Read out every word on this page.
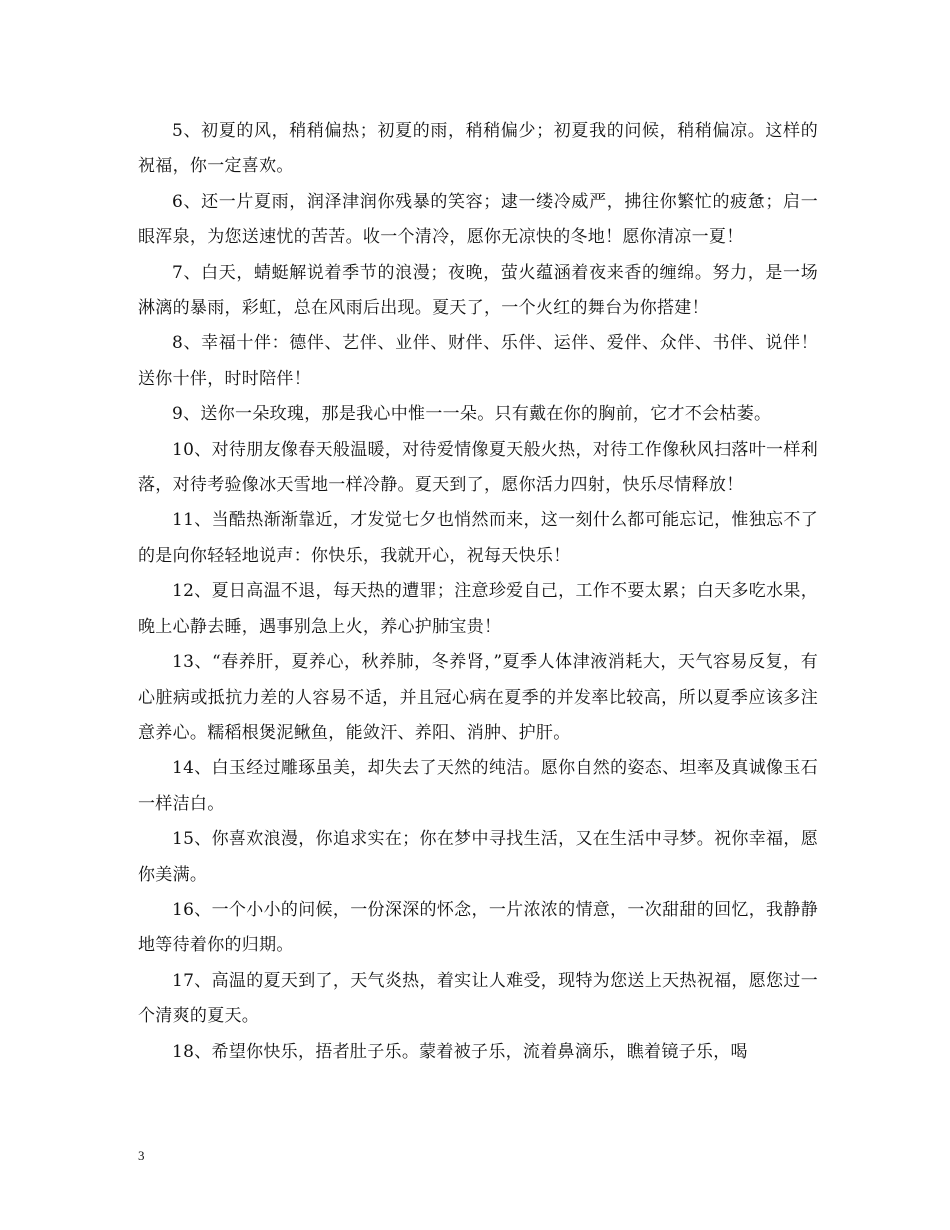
5、初夏的风，稍稍偏热；初夏的雨，稍稍偏少；初夏我的问候，稍稍偏凉。这样的祝福，你一定喜欢。

6、还一片夏雨，润泽津润你残暴的笑容；逮一缕冷威严，拂往你繁忙的疲惫；启一眼浑泉，为您送速忧的苦苦。收一个清冷，愿你无凉快的冬地！愿你清凉一夏！

7、白天，蜻蜓解说着季节的浪漫；夜晚，萤火蕴涵着夜来香的缠绵。努力，是一场淋漓的暴雨，彩虹，总在风雨后出现。夏天了，一个火红的舞台为你搭建！

8、幸福十伴：德伴、艺伴、业伴、财伴、乐伴、运伴、爱伴、众伴、书伴、说伴！送你十伴，时时陪伴！

9、送你一朵玫瑰，那是我心中惟一一朵。只有戴在你的胸前，它才不会枯萎。

10、对待朋友像春天般温暖，对待爱情像夏天般火热，对待工作像秋风扫落叶一样利落，对待考验像冰天雪地一样冷静。夏天到了，愿你活力四射，快乐尽情释放！

11、当酷热渐渐靠近，才发觉七夕也悄然而来，这一刻什么都可能忘记，惟独忘不了的是向你轻轻地说声：你快乐，我就开心，祝每天快乐！

12、夏日高温不退，每天热的遭罪；注意珍爱自己，工作不要太累；白天多吃水果，晚上心静去睡，遇事别急上火，养心护肺宝贵！

13、“春养肝，夏养心，秋养肺，冬养肾，”夏季人体津液消耗大，天气容易反复，有心脏病或抵抗力差的人容易不适，并且冠心病在夏季的并发率比较高，所以夏季应该多注意养心。糯稻根煲泥鳅鱼，能敛汗、养阳、消肿、护肝。

14、白玉经过雕琢虽美，却失去了天然的纯洁。愿你自然的姿态、坦率及真诚像玉石一样洁白。

15、你喜欢浪漫，你追求实在；你在梦中寻找生活，又在生活中寻梦。祝你幸福，愿你美满。

16、一个小小的问候，一份深深的怀念，一片浓浓的情意，一次甜甜的回忆，我静静地等待着你的归期。

17、高温的夏天到了，天气炎热，着实让人难受，现特为您送上天热祝福，愿您过一个清爽的夏天。

18、希望你快乐，捂者肚子乐。蒙着被子乐，流着鼻滴乐，瞧着镜子乐，喝

3
